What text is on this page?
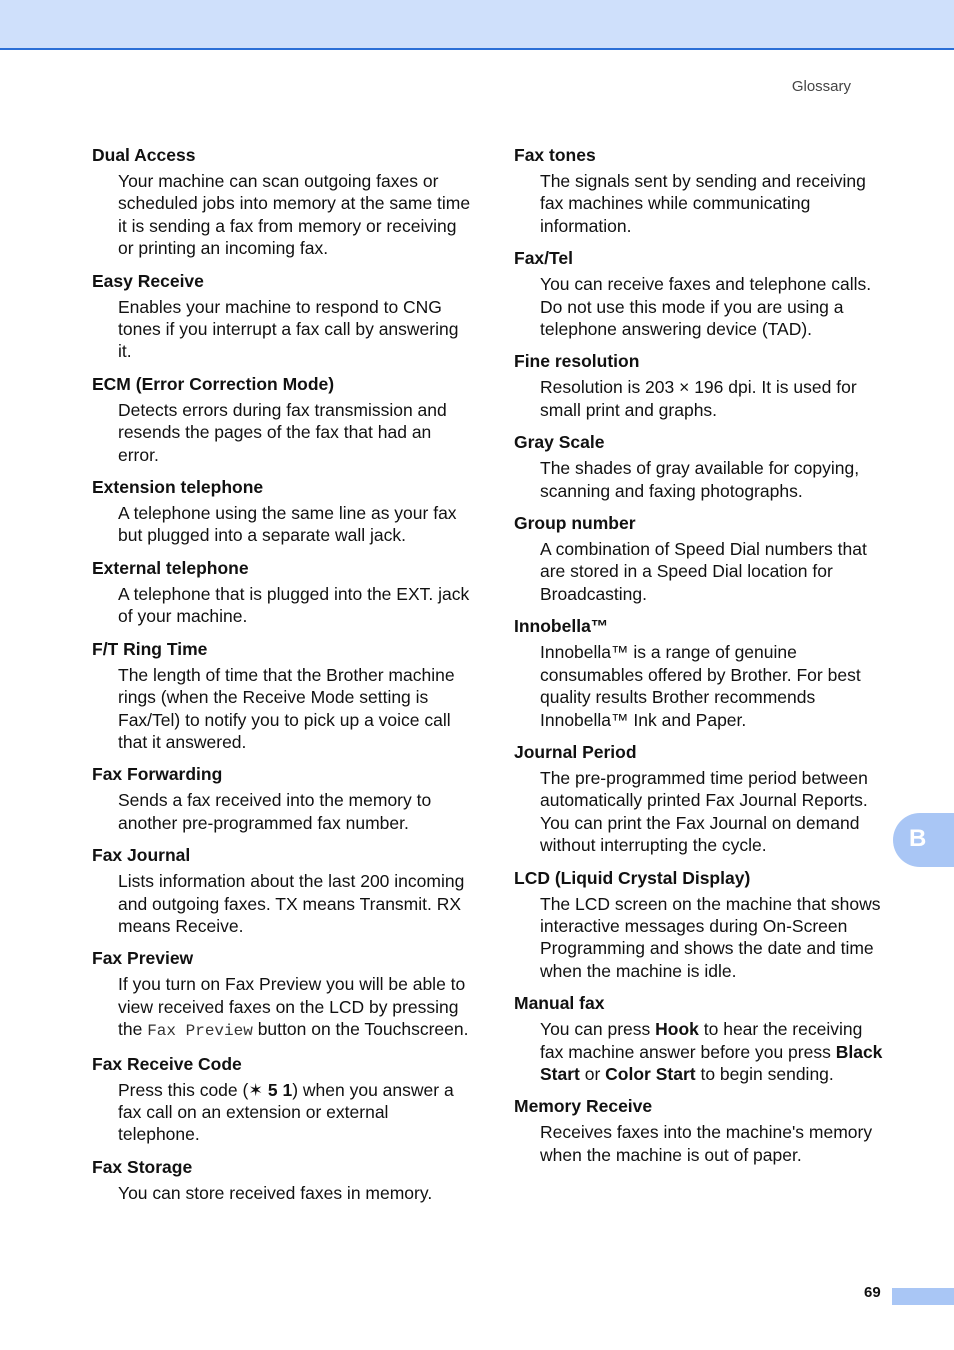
Glossary

Dual Access

Your machine can scan outgoing faxes or scheduled jobs into memory at the same time it is sending a fax from memory or receiving or printing an incoming fax.

Easy Receive

Enables your machine to respond to CNG tones if you interrupt a fax call by answering it.

ECM (Error Correction Mode)

Detects errors during fax transmission and resends the pages of the fax that had an error.

Extension telephone

A telephone using the same line as your fax but plugged into a separate wall jack.

External telephone

A telephone that is plugged into the EXT. jack of your machine.

F/T Ring Time

The length of time that the Brother machine rings (when the Receive Mode setting is Fax/Tel) to notify you to pick up a voice call that it answered.

Fax Forwarding

Sends a fax received into the memory to another pre-programmed fax number.

Fax Journal

Lists information about the last 200 incoming and outgoing faxes. TX means Transmit. RX means Receive.

Fax Preview

If you turn on Fax Preview you will be able to view received faxes on the LCD by pressing the Fax Preview button on the Touchscreen.

Fax Receive Code

Press this code (✶ 5 1) when you answer a fax call on an extension or external telephone.

Fax Storage

You can store received faxes in memory.

Fax tones

The signals sent by sending and receiving fax machines while communicating information.

Fax/Tel

You can receive faxes and telephone calls. Do not use this mode if you are using a telephone answering device (TAD).

Fine resolution

Resolution is 203 × 196 dpi. It is used for small print and graphs.

Gray Scale

The shades of gray available for copying, scanning and faxing photographs.

Group number

A combination of Speed Dial numbers that are stored in a Speed Dial location for Broadcasting.

Innobella™

Innobella™ is a range of genuine consumables offered by Brother. For best quality results Brother recommends Innobella™ Ink and Paper.

Journal Period

The pre-programmed time period between automatically printed Fax Journal Reports. You can print the Fax Journal on demand without interrupting the cycle.

LCD (Liquid Crystal Display)

The LCD screen on the machine that shows interactive messages during On-Screen Programming and shows the date and time when the machine is idle.

Manual fax

You can press Hook to hear the receiving fax machine answer before you press Black Start or Color Start to begin sending.

Memory Receive

Receives faxes into the machine's memory when the machine is out of paper.

B
69
